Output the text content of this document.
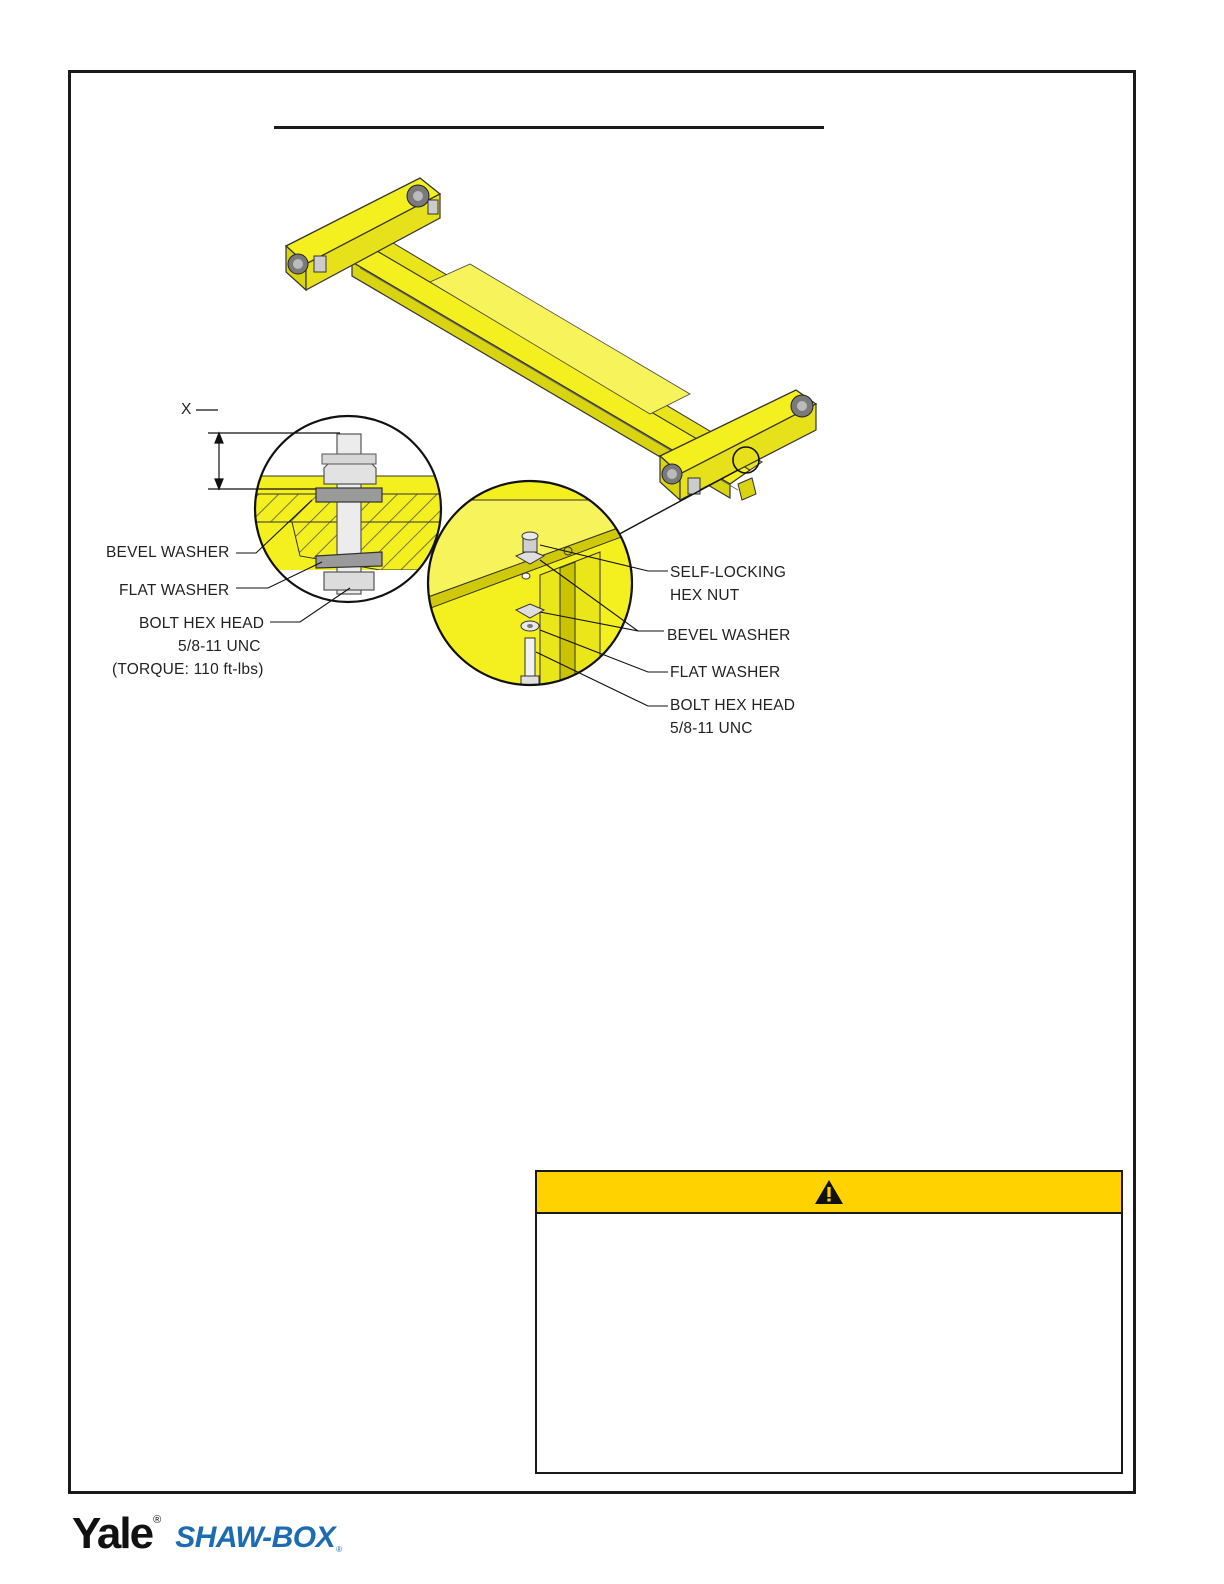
X
BEVEL WASHER
FLAT WASHER
BOLT HEX HEAD
5/8-11 UNC
(TORQUE: 110 ft-lbs)
SELF-LOCKING
HEX NUT
BEVEL WASHER
FLAT WASHER
BOLT HEX HEAD
5/8-11 UNC
Yale ®
SHAW-BOX ®
